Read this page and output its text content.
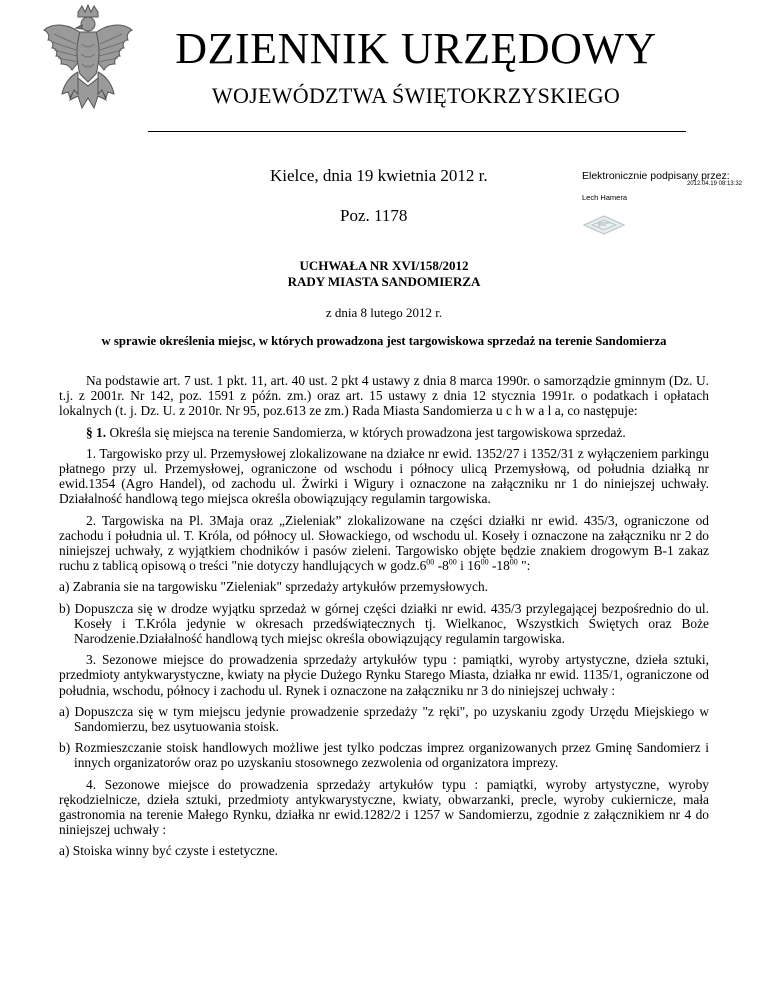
DZIENNIK URZĘDOWY
WOJEWÓDZTWA ŚWIĘTOKRZYSKIEGO
Kielce, dnia 19 kwietnia 2012 r.
Poz. 1178
Elektronicznie podpisany przez:
2012.04.19 08:13:32
Lech Hamera
UCHWAŁA NR XVI/158/2012
RADY MIASTA SANDOMIERZA
z dnia 8 lutego 2012 r.
w sprawie określenia miejsc, w których prowadzona jest targowiskowa sprzedaż na terenie Sandomierza

Na podstawie art. 7 ust. 1 pkt. 11, art. 40 ust. 2 pkt 4 ustawy z dnia 8 marca 1990r. o samorządzie gminnym (Dz. U. t.j. z 2001r. Nr 142, poz. 1591 z późn. zm.) oraz art. 15 ustawy z dnia 12 stycznia 1991r. o podatkach i opłatach lokalnych (t. j. Dz. U. z 2010r. Nr 95, poz.613 ze zm.) Rada Miasta Sandomierza u c h w a l a, co następuje:

§ 1. Określa się miejsca na terenie Sandomierza, w których prowadzona jest targowiskowa sprzedaż.

1. Targowisko przy ul. Przemysłowej zlokalizowane na działce nr ewid. 1352/27 i 1352/31 z wyłączeniem parkingu płatnego przy ul. Przemysłowej, ograniczone od wschodu i północy ulicą Przemysłową, od południa działką nr ewid.1354 (Agro Handel), od zachodu ul. Żwirki i Wigury i oznaczone na załączniku nr 1 do niniejszej uchwały. Działalność handlową tego miejsca określa obowiązujący regulamin targowiska.

2. Targowiska na Pl. 3Maja oraz „Zieleniak” zlokalizowane na części działki nr ewid. 435/3, ograniczone od zachodu i południa ul. T. Króla, od północy ul. Słowackiego, od wschodu ul. Koseły i oznaczone na załączniku nr 2 do niniejszej uchwały, z wyjątkiem chodników i pasów zieleni. Targowisko objęte będzie znakiem drogowym B-1 zakaz ruchu z tablicą opisową o treści "nie dotyczy handlujących w $godz.6^{00}$ $-8^{00}$ i $16^{00}$ $-18^{00}$ ":

a) Zabrania sie na targowisku "Zieleniak" sprzedaży artykułów przemysłowych.

b) Dopuszcza się w drodze wyjątku sprzedaż w górnej części działki nr ewid. 435/3 przylegającej bezpośrednio do ul. Koseły i T.Króla jedynie w okresach przedświątecznych tj. Wielkanoc, Wszystkich Świętych oraz Boże Narodzenie.Działalność handlową tych miejsc określa obowiązujący regulamin targowiska.

3. Sezonowe miejsce do prowadzenia sprzedaży artykułów typu : pamiątki, wyroby artystyczne, dzieła sztuki, przedmioty antykwarystyczne, kwiaty na płycie Dużego Rynku Starego Miasta, działka nr ewid. 1135/1, ograniczone od południa, wschodu, północy i zachodu ul. Rynek i oznaczone na załączniku nr 3 do niniejszej uchwały :

a) Dopuszcza się w tym miejscu jedynie prowadzenie sprzedaży "z ręki", po uzyskaniu zgody Urzędu Miejskiego w Sandomierzu, bez usytuowania stoisk.

b) Rozmieszczanie stoisk handlowych możliwe jest tylko podczas imprez organizowanych przez Gminę Sandomierz i innych organizatorów oraz po uzyskaniu stosownego zezwolenia od organizatora imprezy.

4. Sezonowe miejsce do prowadzenia sprzedaży artykułów typu : pamiątki, wyroby artystyczne, wyroby rękodzielnicze, dzieła sztuki, przedmioty antykwarystyczne, kwiaty, obwarzanki, precle, wyroby cukiernicze, mała gastronomia na terenie Małego Rynku, działka nr ewid.1282/2 i 1257 w Sandomierzu, zgodnie z załącznikiem nr 4 do niniejszej uchwały :

a) Stoiska winny być czyste i estetyczne.
